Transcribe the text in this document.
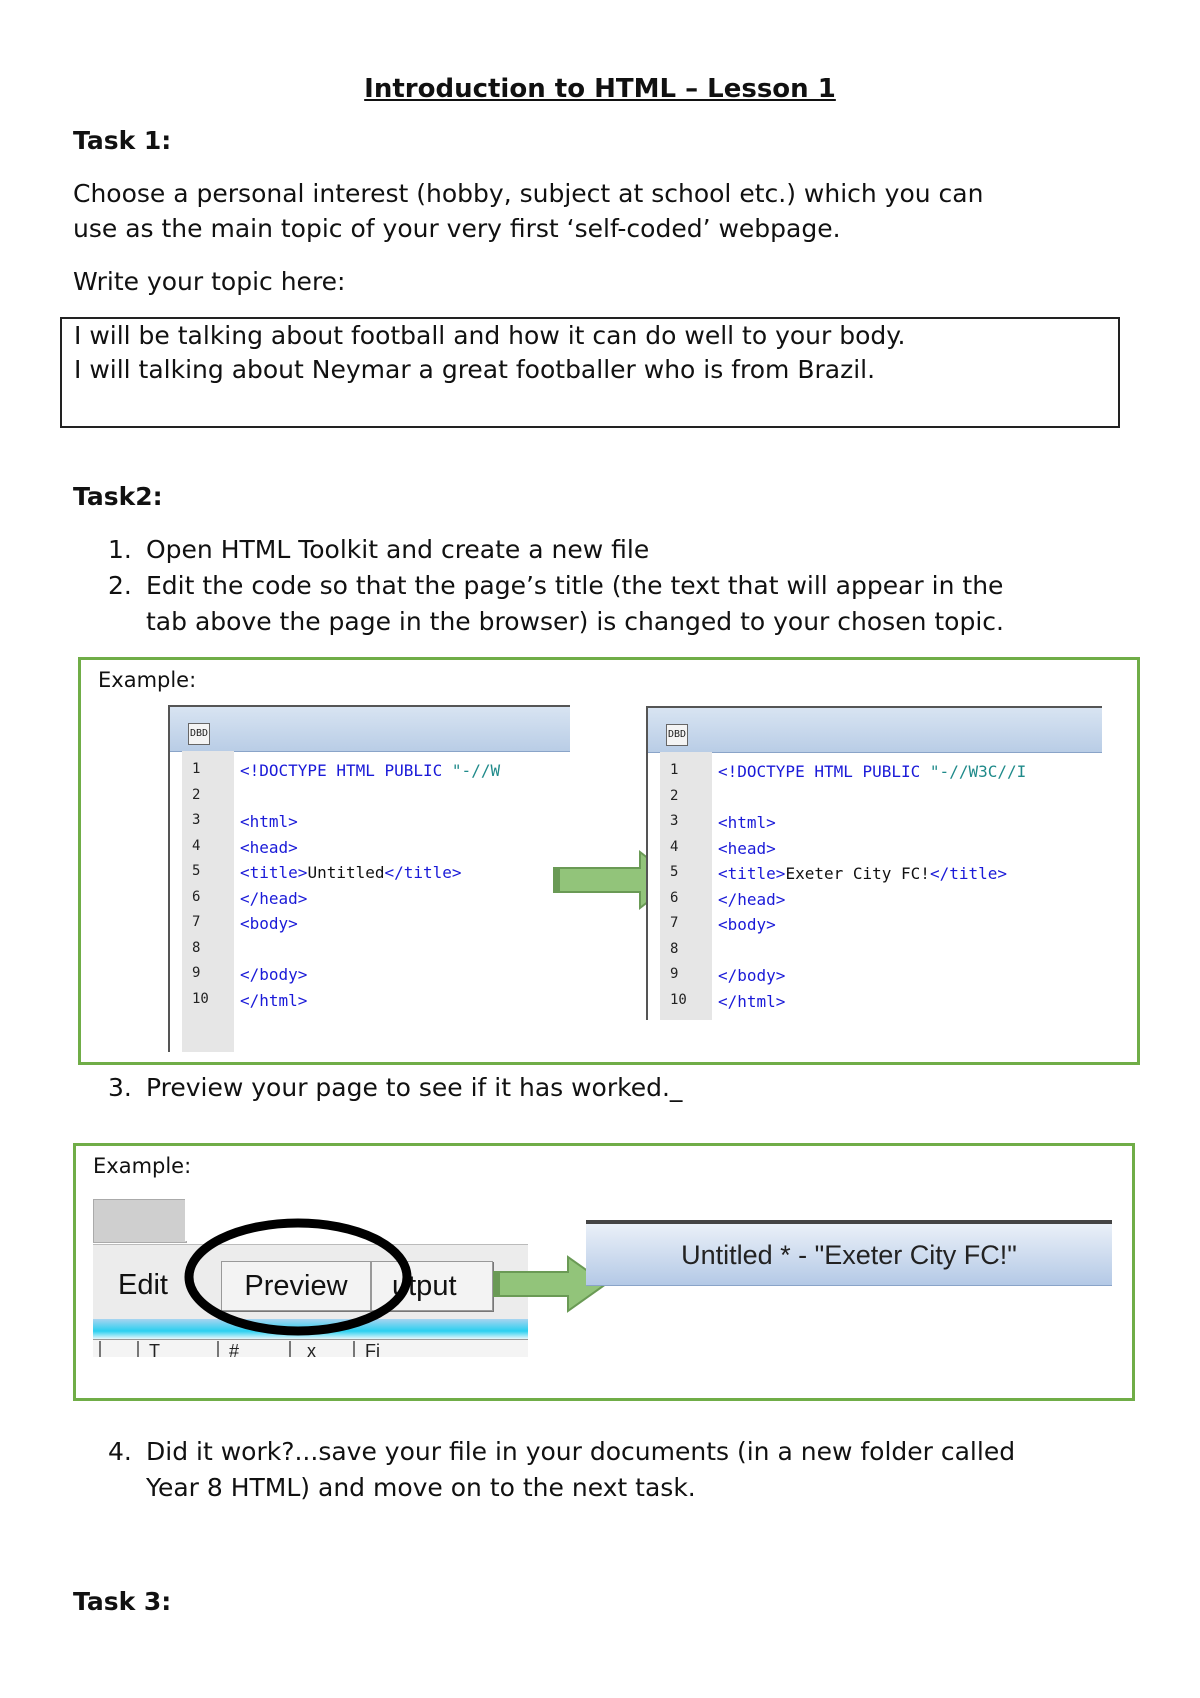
Introduction to HTML – Lesson 1
Task 1:
Choose a personal interest (hobby, subject at school etc.) which you can
use as the main topic of your very first ‘self-coded’ webpage.
Write your topic here:
I will be talking about football and how it can do well to your body.
I will talking about Neymar a great footballer who is from Brazil.
Task2:
1. Open HTML Toolkit and create a new file
2. Edit the code so that the page’s title (the text that will appear in the
tab above the page in the browser) is changed to your chosen topic.
Example:
DBD
1	<!DOCTYPE HTML PUBLIC "-//W
2
3	<html>
4	<head>
5	<title>Untitled</title>
6	</head>
7	<body>
8
9	</body>
10	</html>
DBD
1	<!DOCTYPE HTML PUBLIC "-//W3C//I
2
3	<html>
4	<head>
5	<title>Exeter City FC!</title>
6	</head>
7	<body>
8
9	</body>
10	</html>
3. Preview your page to see if it has worked._
Example:
Edit	Preview	utput
T	#	x	Fi
Untitled * - "Exeter City FC!"
4. Did it work?...save your file in your documents (in a new folder called
Year 8 HTML) and move on to the next task.
Task 3:
